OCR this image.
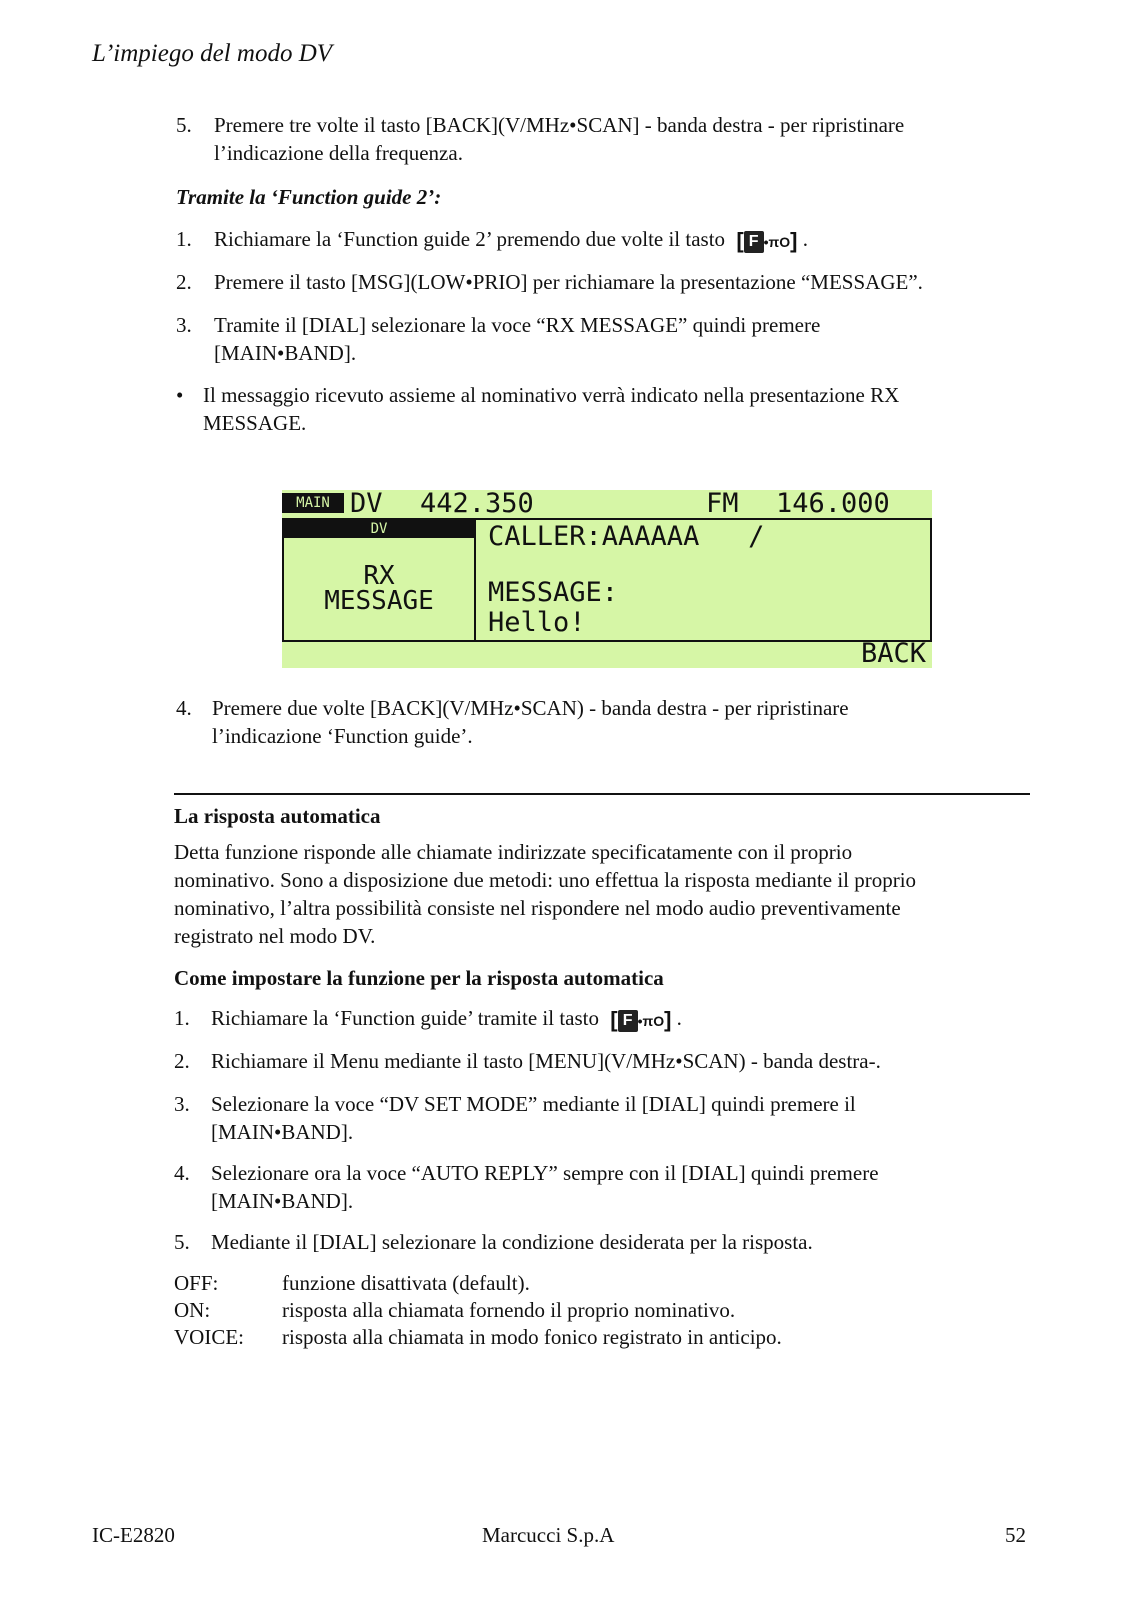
L’impiego del modo DV
5.	Premere tre volte il tasto [BACK](V/MHz•SCAN] - banda destra - per ripristinare
l’indicazione della frequenza.
Tramite la ‘Function guide 2’:
1.	Richiamare la ‘Function guide 2’ premendo due volte il tasto [ F •πO] .
2.	Premere il tasto [MSG](LOW•PRIO] per richiamare la presentazione “MESSAGE”.
3.	Tramite il [DIAL] selezionare la voce “RX MESSAGE” quindi premere
[MAIN•BAND].
• Il messaggio ricevuto assieme al nominativo verrà indicato nella presentazione RX
MESSAGE.
MAIN DV 442.350	FM 146.000
DV
RX
MESSAGE
CALLER:AAAAAA   /
MESSAGE:
Hello!
BACK
4. Premere due volte [BACK](V/MHz•SCAN) - banda destra - per ripristinare
l’indicazione ‘Function guide’.
La risposta automatica
Detta funzione risponde alle chiamate indirizzate specificatamente con il proprio
nominativo. Sono a disposizione due metodi: uno effettua la risposta mediante il proprio
nominativo, l’altra possibilità consiste nel rispondere nel modo audio preventivamente
registrato nel modo DV.
Come impostare la funzione per la risposta automatica
1.	Richiamare la ‘Function guide’ tramite il tasto [ F •πO] .
2.	Richiamare il Menu mediante il tasto [MENU](V/MHz•SCAN) - banda destra-.
3.	Selezionare la voce “DV SET MODE” mediante il [DIAL] quindi premere il
[MAIN•BAND].
4.	Selezionare ora la voce “AUTO REPLY” sempre con il [DIAL] quindi premere
[MAIN•BAND].
5.	Mediante il [DIAL] selezionare la condizione desiderata per la risposta.
OFF:	funzione disattivata (default).
ON:	risposta alla chiamata fornendo il proprio nominativo.
VOICE: risposta alla chiamata in modo fonico registrato in anticipo.
IC-E2820	Marcucci S.p.A	52
